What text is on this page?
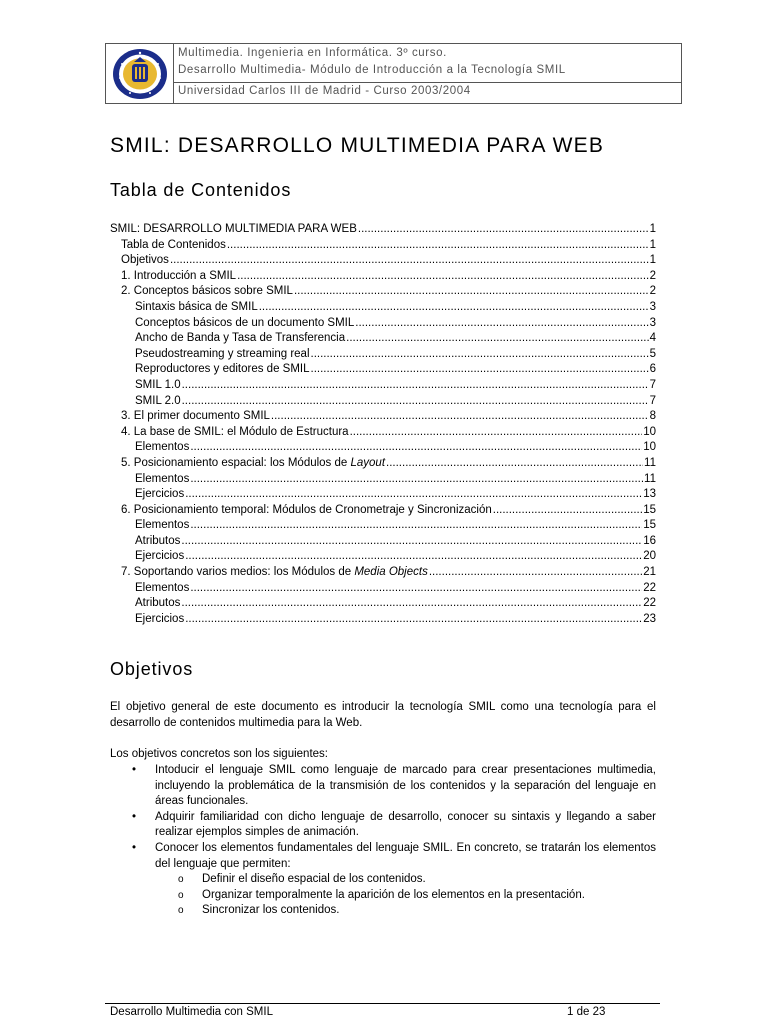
Multimedia. Ingenieria en Informática. 3º curso.
Desarrollo Multimedia- Módulo de Introducción a la Tecnología SMIL
Universidad Carlos III de Madrid - Curso 2003/2004
SMIL: DESARROLLO MULTIMEDIA PARA WEB
Tabla de Contenidos
SMIL: DESARROLLO MULTIMEDIA PARA WEB .....	1
Tabla de Contenidos .....	1
Objetivos .....	1
1. Introducción a SMIL .....	2
2. Conceptos básicos sobre SMIL .....	2
Sintaxis básica de SMIL .....	3
Conceptos básicos de un documento SMIL .....	3
Ancho de Banda y Tasa de Transferencia .....	4
Pseudostreaming y streaming real .....	5
Reproductores y editores de SMIL .....	6
SMIL 1.0 .....	7
SMIL 2.0 .....	7
3. El primer documento SMIL .....	8
4. La base de SMIL: el Módulo de Estructura .....	10
Elementos .....	10
5. Posicionamiento espacial: los Módulos de Layout .....	11
Elementos .....	11
Ejercicios .....	13
6. Posicionamiento temporal: Módulos de Cronometraje y Sincronización .....	15
Elementos .....	15
Atributos .....	16
Ejercicios .....	20
7. Soportando varios medios: los Módulos de Media Objects .....	21
Elementos .....	22
Atributos .....	22
Ejercicios .....	23
Objetivos

El objetivo general de este documento es introducir la tecnología SMIL como una tecnología para el desarrollo de contenidos multimedia para la Web.

Los objetivos concretos son los siguientes:

• Intoducir el lenguaje SMIL como lenguaje de marcado para crear presentaciones multimedia, incluyendo la problemática de la transmisión de los contenidos y la separación del lenguaje en áreas funcionales.
• Adquirir familiaridad con dicho lenguaje de desarrollo, conocer su sintaxis y llegando a saber realizar ejemplos simples de animación.
• Conocer los elementos fundamentales del lenguaje SMIL. En concreto, se tratarán los elementos del lenguaje que permiten:
o Definir el diseño espacial de los contenidos.
o Organizar temporalmente la aparición de los elementos en la presentación.
o Sincronizar los contenidos.
Desarrollo Multimedia con SMIL	1 de 23
